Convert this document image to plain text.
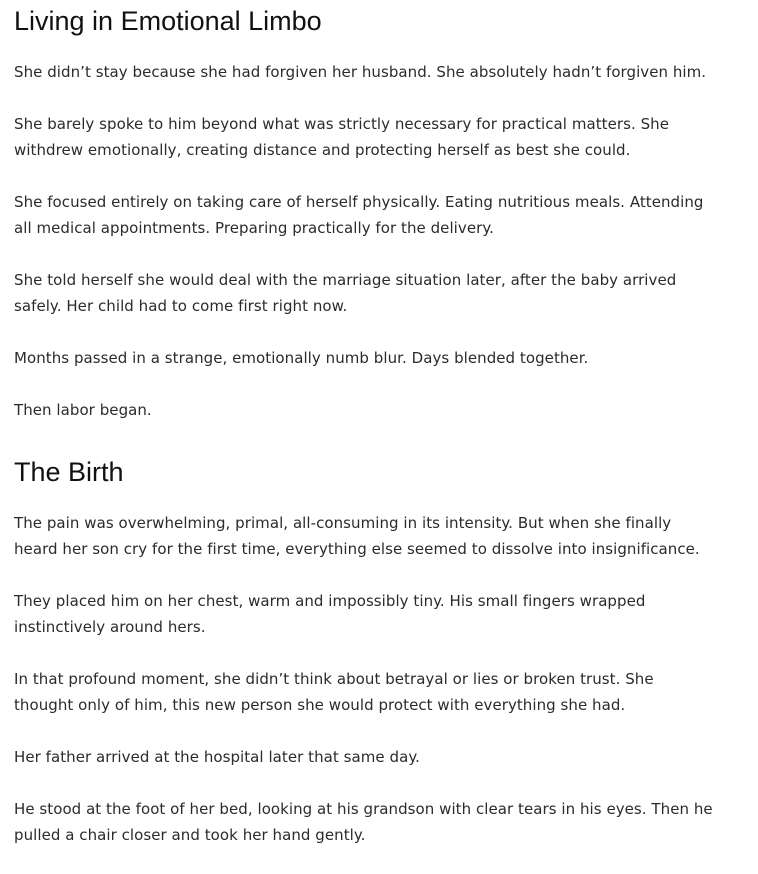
Living in Emotional Limbo

She didn’t stay because she had forgiven her husband. She absolutely hadn’t forgiven him.

She barely spoke to him beyond what was strictly necessary for practical matters. She withdrew emotionally, creating distance and protecting herself as best she could.

She focused entirely on taking care of herself physically. Eating nutritious meals. Attending all medical appointments. Preparing practically for the delivery.

She told herself she would deal with the marriage situation later, after the baby arrived safely. Her child had to come first right now.

Months passed in a strange, emotionally numb blur. Days blended together.

Then labor began.

The Birth

The pain was overwhelming, primal, all-consuming in its intensity. But when she finally heard her son cry for the first time, everything else seemed to dissolve into insignificance.

They placed him on her chest, warm and impossibly tiny. His small fingers wrapped instinctively around hers.

In that profound moment, she didn’t think about betrayal or lies or broken trust. She thought only of him, this new person she would protect with everything she had.

Her father arrived at the hospital later that same day.

He stood at the foot of her bed, looking at his grandson with clear tears in his eyes. Then he pulled a chair closer and took her hand gently.
